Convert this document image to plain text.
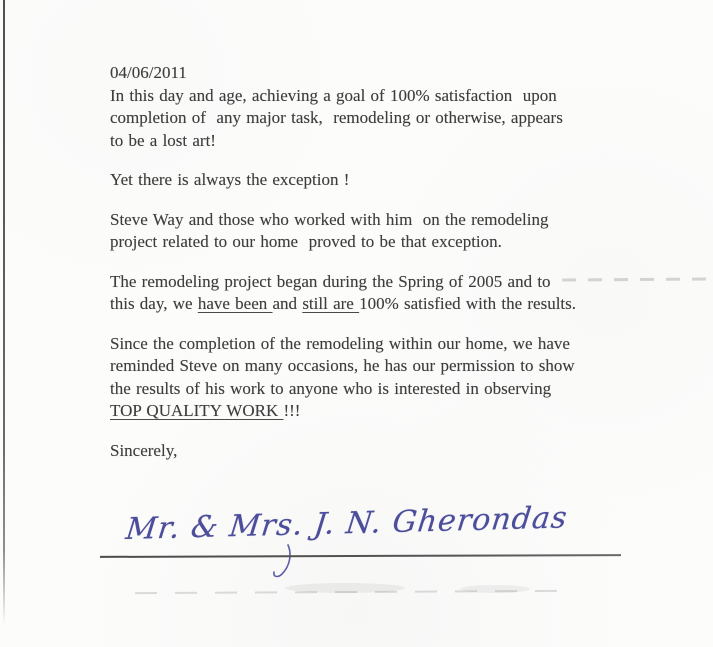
04/06/2011

In this day and age, achieving a goal of 100% satisfaction  upon

completion of  any major task,  remodeling or otherwise, appears

to be a lost art!

Yet there is always the exception !

Steve Way and those who worked with him  on the remodeling

project related to our home  proved to be that exception.

The remodeling project began during the Spring of 2005 and to

this day, we have been and still are 100% satisfied with the results.

Since the completion of the remodeling within our home, we have

reminded Steve on many occasions, he has our permission to show

the results of his work to anyone who is interested in observing

TOP QUALITY WORK !!!

Sincerely,

Mr. & Mrs. J. N. Gherondas
